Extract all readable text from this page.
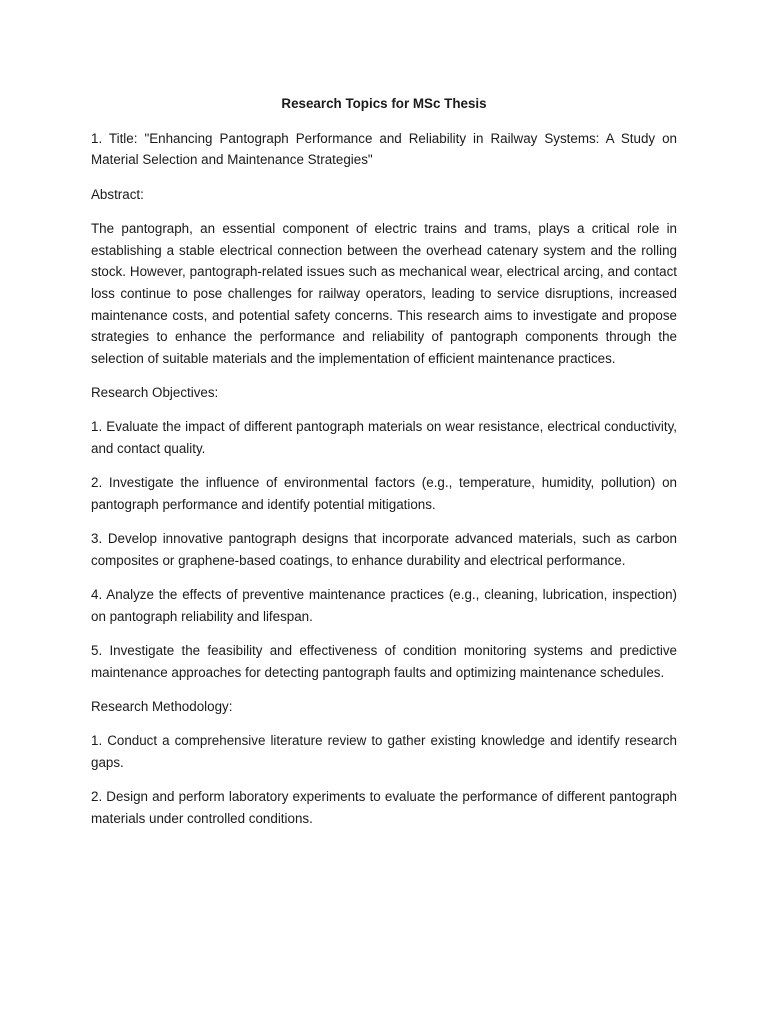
Research Topics for MSc Thesis

1. Title: "Enhancing Pantograph Performance and Reliability in Railway Systems: A Study on Material Selection and Maintenance Strategies"

Abstract:

The pantograph, an essential component of electric trains and trams, plays a critical role in establishing a stable electrical connection between the overhead catenary system and the rolling stock. However, pantograph-related issues such as mechanical wear, electrical arcing, and contact loss continue to pose challenges for railway operators, leading to service disruptions, increased maintenance costs, and potential safety concerns. This research aims to investigate and propose strategies to enhance the performance and reliability of pantograph components through the selection of suitable materials and the implementation of efficient maintenance practices.

Research Objectives:

1. Evaluate the impact of different pantograph materials on wear resistance, electrical conductivity, and contact quality.

2. Investigate the influence of environmental factors (e.g., temperature, humidity, pollution) on pantograph performance and identify potential mitigations.

3. Develop innovative pantograph designs that incorporate advanced materials, such as carbon composites or graphene-based coatings, to enhance durability and electrical performance.

4. Analyze the effects of preventive maintenance practices (e.g., cleaning, lubrication, inspection) on pantograph reliability and lifespan.

5. Investigate the feasibility and effectiveness of condition monitoring systems and predictive maintenance approaches for detecting pantograph faults and optimizing maintenance schedules.

Research Methodology:

1. Conduct a comprehensive literature review to gather existing knowledge and identify research gaps.

2. Design and perform laboratory experiments to evaluate the performance of different pantograph materials under controlled conditions.
